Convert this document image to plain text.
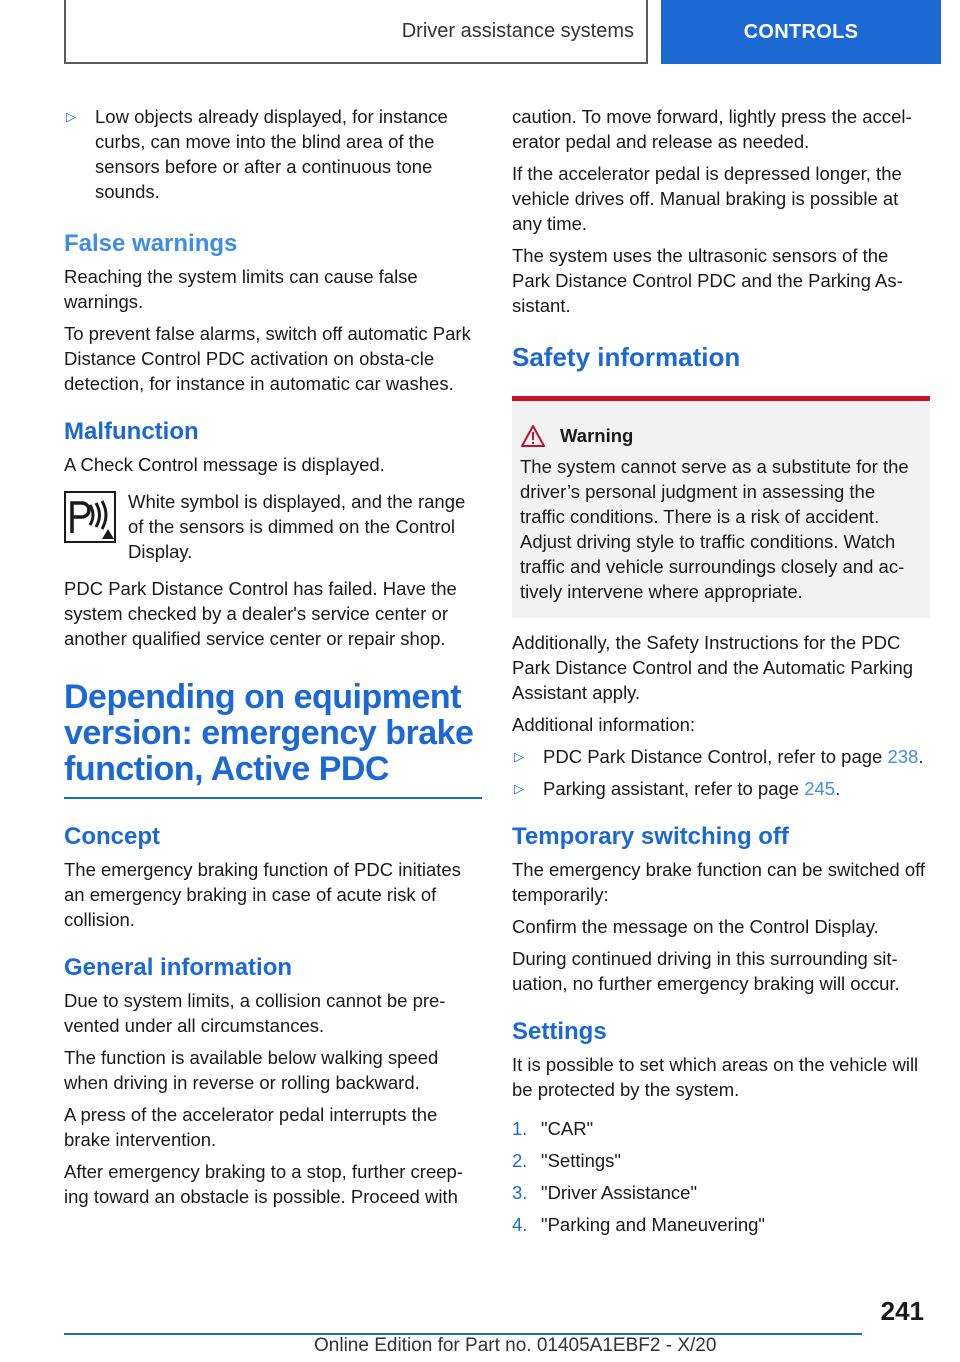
Driver assistance systems	CONTROLS
▷	Low objects already displayed, for instance curbs, can move into the blind area of the sensors before or after a continuous tone sounds.
False warnings

Reaching the system limits can cause false warnings.

To prevent false alarms, switch off automatic Park Distance Control PDC activation on obsta-cle detection, for instance in automatic car washes.

Malfunction

A Check Control message is displayed.

White symbol is displayed, and the range of the sensors is dimmed on the Control Display.

PDC Park Distance Control has failed. Have the system checked by a dealer's service center or another qualified service center or repair shop.

Depending on equipment version: emergency brake function, Active PDC
Concept

The emergency braking function of PDC initiates an emergency braking in case of acute risk of collision.

General information

Due to system limits, a collision cannot be pre-vented under all circumstances.

The function is available below walking speed when driving in reverse or rolling backward.

A press of the accelerator pedal interrupts the brake intervention.

After emergency braking to a stop, further creep-ing toward an obstacle is possible. Proceed with

caution. To move forward, lightly press the accel-erator pedal and release as needed.

If the accelerator pedal is depressed longer, the vehicle drives off. Manual braking is possible at any time.

The system uses the ultrasonic sensors of the Park Distance Control PDC and the Parking As-sistant.

Safety information
Warning

The system cannot serve as a substitute for the driver’s personal judgment in assessing the traffic conditions. There is a risk of accident. Adjust driving style to traffic conditions. Watch traffic and vehicle surroundings closely and ac-tively intervene where appropriate.

Additionally, the Safety Instructions for the PDC Park Distance Control and the Automatic Parking Assistant apply.

Additional information:

▷	PDC Park Distance Control, refer to page 238.
▷	Parking assistant, refer to page 245.
Temporary switching off

The emergency brake function can be switched off temporarily:

Confirm the message on the Control Display.

During continued driving in this surrounding sit-uation, no further emergency braking will occur.

Settings

It is possible to set which areas on the vehicle will be protected by the system.

1. "CAR"
2. "Settings"
3. "Driver Assistance"
4. "Parking and Maneuvering"
241
Online Edition for Part no. 01405A1EBF2 - X/20
